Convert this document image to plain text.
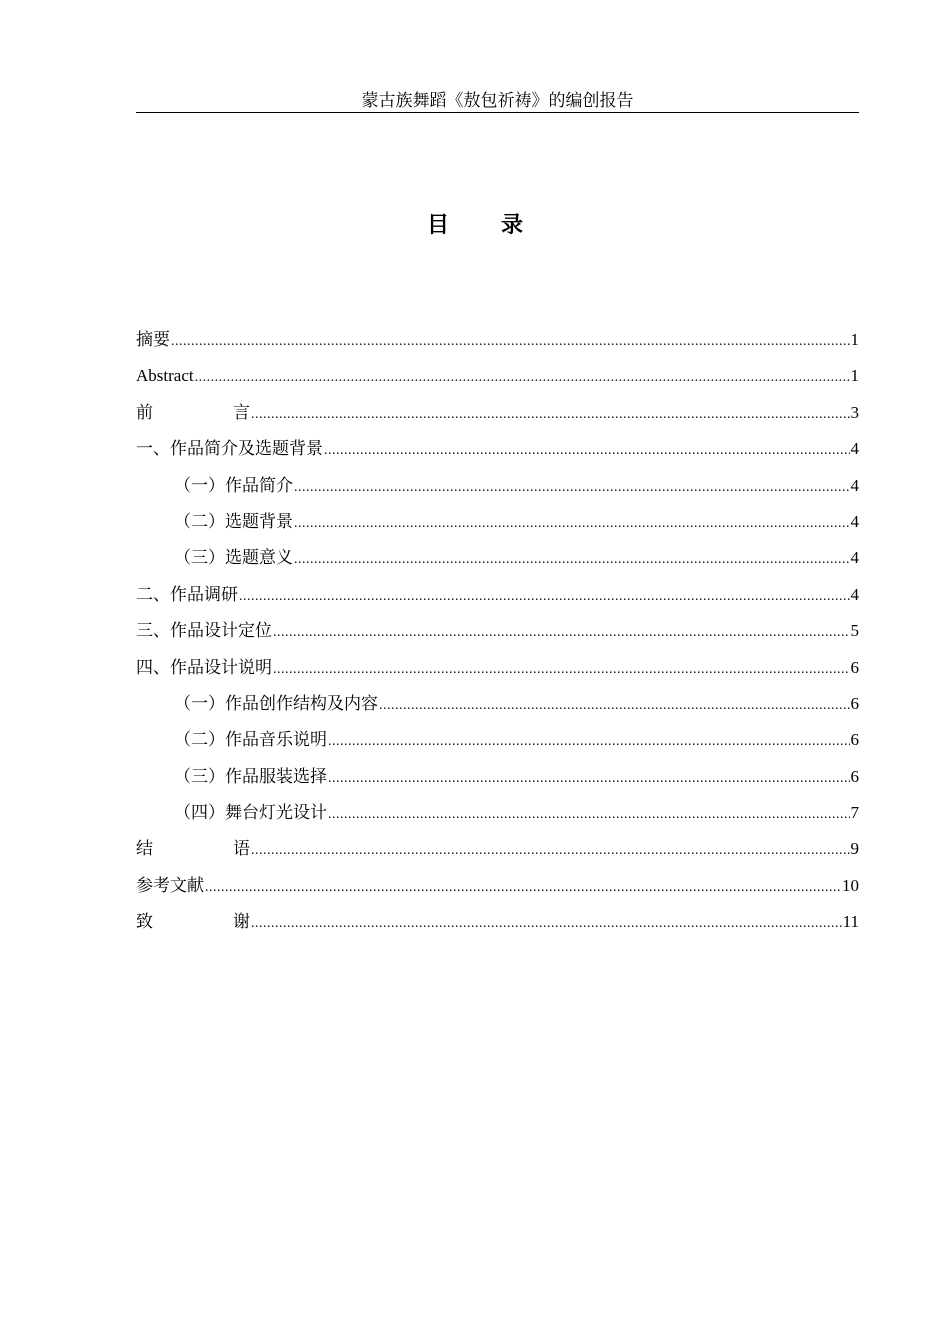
蒙古族舞蹈《敖包祈祷》的编创报告
目 录
摘要 .....	1
Abstract .....	1
前	言 .....	3
一、作品简介及选题背景 .....	4
（一）作品简介 .....	4
（二）选题背景 .....	4
（三）选题意义 .....	4
二、作品调研 .....	4
三、作品设计定位 .....	5
四、作品设计说明 .....	6
（一）作品创作结构及内容 .....	6
（二）作品音乐说明 .....	6
（三）作品服装选择 .....	6
（四）舞台灯光设计 .....	7
结	语 .....	9
参考文献 .....	10
致	谢 .....	11
